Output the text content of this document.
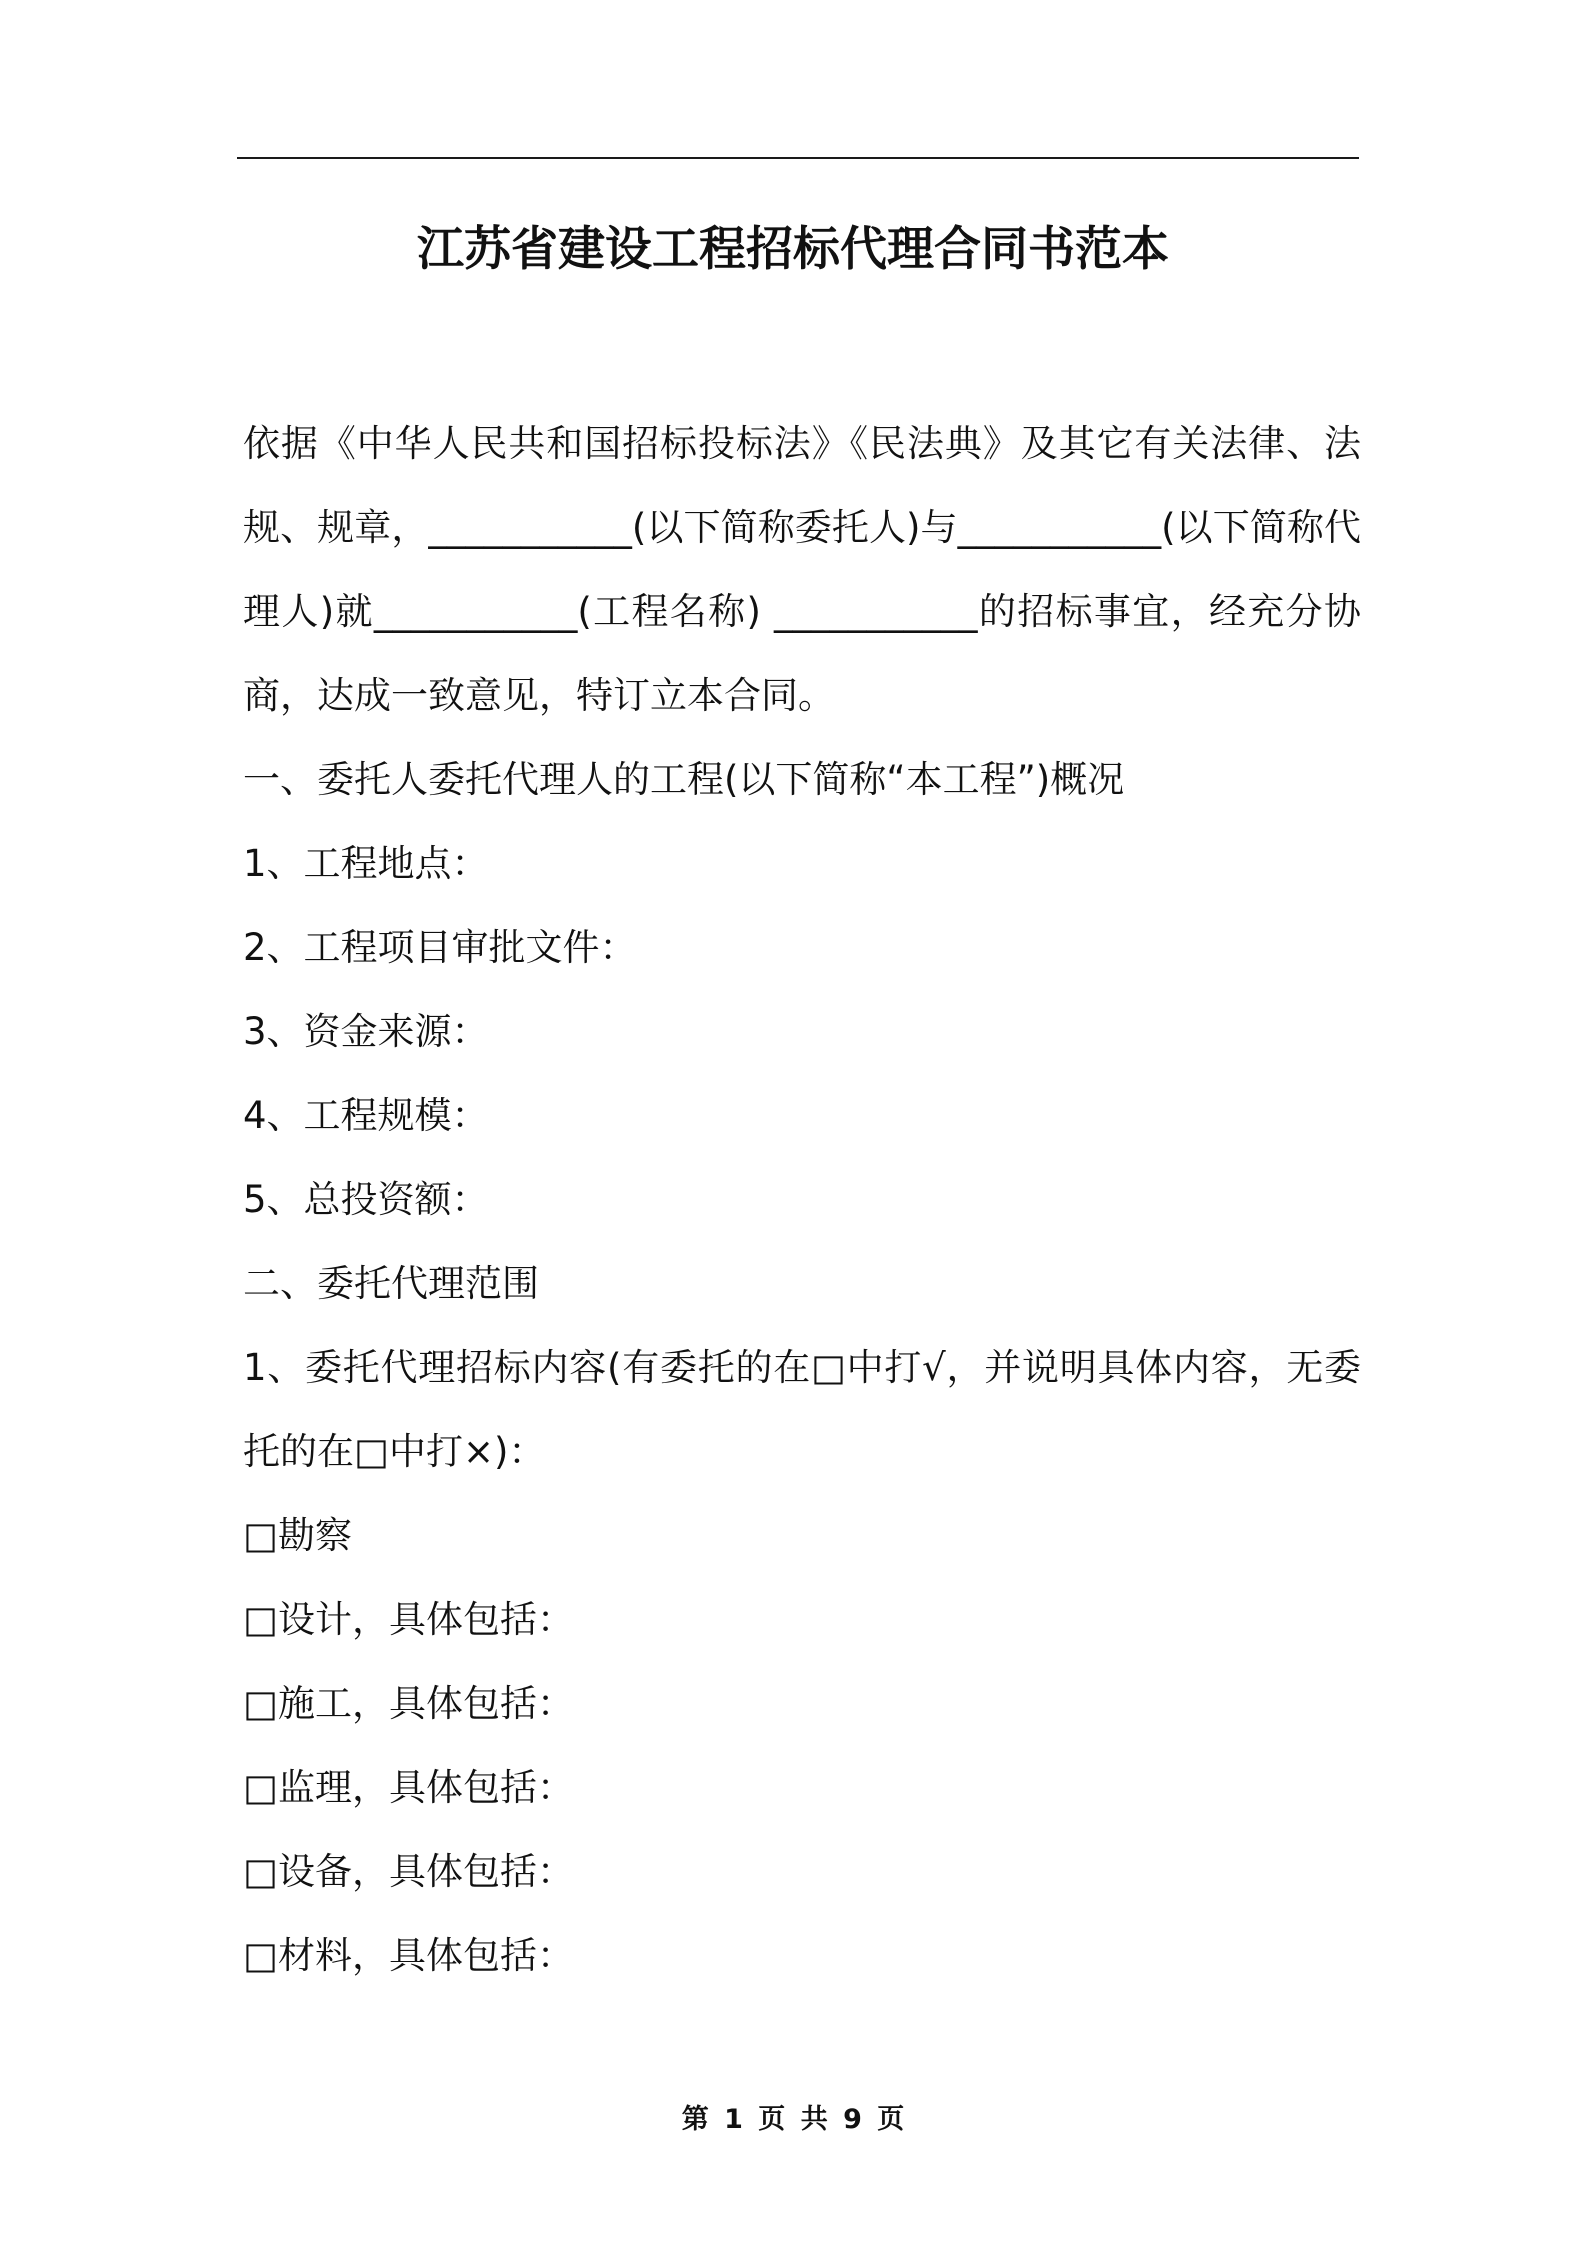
江苏省建设工程招标代理合同书范本

依据《中华人民共和国招标投标法》《民法典》及其它有关法律、法规、规章，___________(以下简称委托人)与___________(以下简称代理人)就___________(工程名称) ___________的招标事宜，经充分协商，达成一致意见，特订立本合同。

一、委托人委托代理人的工程(以下简称“本工程”)概况

1、工程地点：

2、工程项目审批文件：

3、资金来源：

4、工程规模：

5、总投资额：

二、委托代理范围

1、委托代理招标内容(有委托的在□中打√，并说明具体内容，无委托的在□中打×)：

□勘察

□设计，具体包括：

□施工，具体包括：

□监理，具体包括：

□设备，具体包括：

□材料，具体包括：

第 1 页 共 9 页
